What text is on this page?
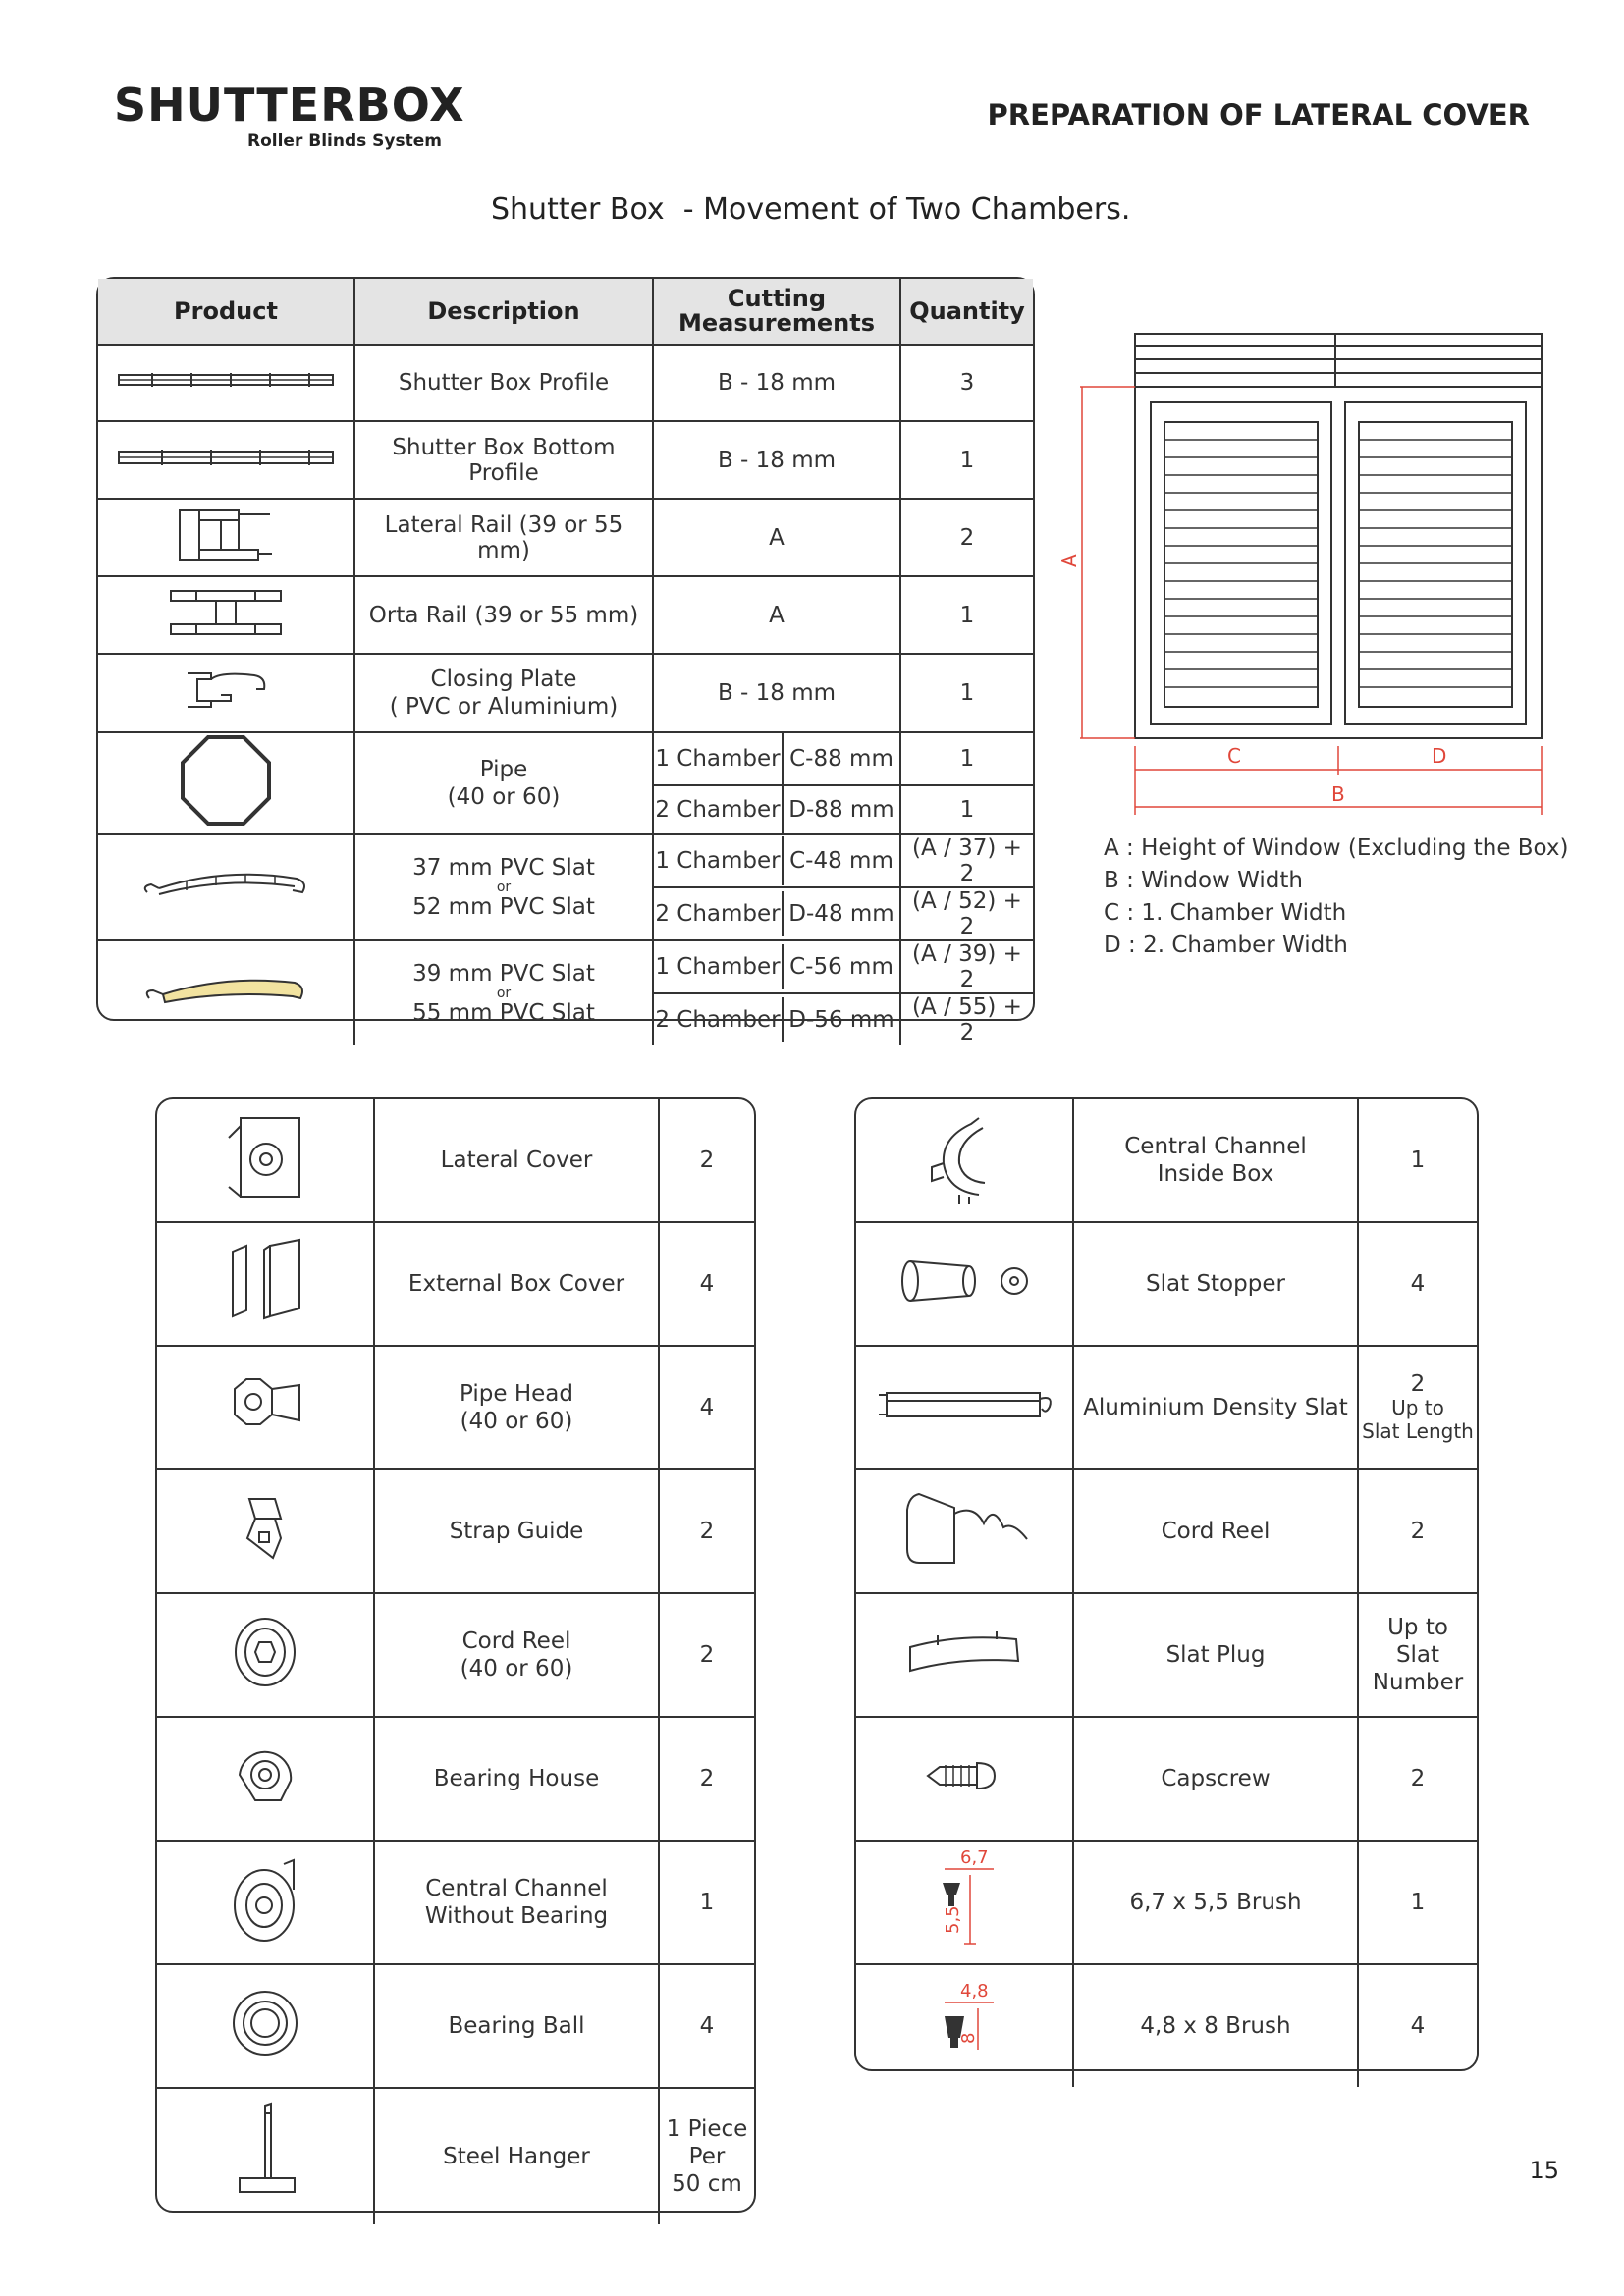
SHUTTERBOX
Roller Blinds System
PREPARATION OF LATERAL COVER
Shutter Box  - Movement of Two Chambers.
Product	Description	Cutting Measurements	Quantity
	Shutter Box Profile	B - 18 mm	3
	Shutter Box Bottom Profile	B - 18 mm	1
	Lateral Rail (39 or 55 mm)	A	2
	Orta Rail (39 or 55 mm)	A	1
	Closing Plate
( PVC or Aluminium)	B - 18 mm	1
	Pipe
(40 or 60)	1 Chamber C-88 mm	1

2 Chamber D-88 mm	1
	37 mm PVC Slat
or
52 mm PVC Slat	1 Chamber C-48 mm	(A / 37) + 2

2 Chamber D-48 mm	(A / 52) + 2
	39 mm PVC Slat
or
55 mm PVC Slat	1 Chamber C-56 mm	(A / 39) + 2

2 Chamber D-56 mm	(A / 55) + 2
A
C	D
B
A : Height of Window (Excluding the Box)
B : Window Width
C : 1. Chamber Width
D : 2. Chamber Width
	Lateral Cover	2
	External Box Cover	4
	Pipe Head
(40 or 60)	4
	Strap Guide	2
	Cord Reel
(40 or 60)	2
	Bearing House	2
	Central Channel
Without Bearing	1
	Bearing Ball	4
	Steel Hanger	1 Piece
Per
50 cm
	Central Channel
Inside Box	1
	Slat Stopper	4
	Aluminium Density Slat	2
Up to
Slat Length
	Cord Reel	2
	Slat Plug	Up to
Slat
Number
	Capscrew	2

6,7
5,5	6,7 x 5,5 Brush	1

4,8
8	4,8 x 8 Brush	4
15
